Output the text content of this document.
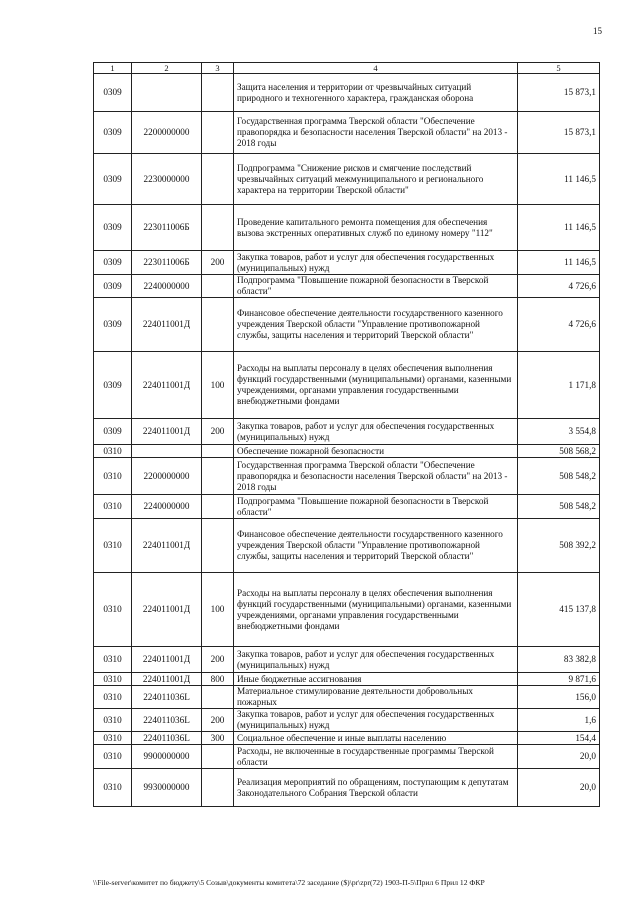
15
1	2	3	4	5
0309			Защита населения и территории от чрезвычайных ситуаций природного и техногенного характера, гражданская оборона	15 873,1
0309	2200000000		Государственная программа Тверской области "Обеспечение правопорядка и безопасности населения Тверской области" на 2013 - 2018 годы	15 873,1
0309	2230000000		Подпрограмма "Снижение рисков и смягчение последствий чрезвычайных ситуаций межмуниципального и регионального характера на территории Тверской области"	11 146,5
0309	223011006Б		Проведение капитального ремонта помещения для обеспечения вызова экстренных оперативных служб по единому номеру "112"	11 146,5
0309	223011006Б	200	Закупка товаров, работ и услуг для обеспечения государственных (муниципальных) нужд	11 146,5
0309	2240000000		Подпрограмма "Повышение пожарной безопасности в Тверской области"	4 726,6
0309	224011001Д		Финансовое обеспечение деятельности государственного казенного учреждения Тверской области "Управление противопожарной службы, защиты населения и территорий Тверской области"	4 726,6
0309	224011001Д	100	Расходы на выплаты персоналу в целях обеспечения выполнения функций государственными (муниципальными) органами, казенными учреждениями, органами управления государственными внебюджетными фондами	1 171,8
0309	224011001Д	200	Закупка товаров, работ и услуг для обеспечения государственных (муниципальных) нужд	3 554,8
0310			Обеспечение пожарной безопасности	508 568,2
0310	2200000000		Государственная программа Тверской области "Обеспечение правопорядка и безопасности населения Тверской области" на 2013 - 2018 годы	508 548,2
0310	2240000000		Подпрограмма "Повышение пожарной безопасности в Тверской области"	508 548,2
0310	224011001Д		Финансовое обеспечение деятельности государственного казенного учреждения Тверской области "Управление противопожарной службы, защиты населения и территорий Тверской области"	508 392,2
0310	224011001Д	100	Расходы на выплаты персоналу в целях обеспечения выполнения функций государственными (муниципальными) органами, казенными учреждениями, органами управления государственными внебюджетными фондами	415 137,8
0310	224011001Д	200	Закупка товаров, работ и услуг для обеспечения государственных (муниципальных) нужд	83 382,8
0310	224011001Д	800	Иные бюджетные ассигнования	9 871,6
0310	224011036L		Материальное стимулирование деятельности добровольных пожарных	156,0
0310	224011036L	200	Закупка товаров, работ и услуг для обеспечения государственных (муниципальных) нужд	1,6
0310	224011036L	300	Социальное обеспечение и иные выплаты населению	154,4
0310	9900000000		Расходы, не включенные в государственные программы Тверской области	20,0
0310	9930000000		Реализация мероприятий по обращениям, поступающим к депутатам Законодательного Собрания Тверской области	20,0
\\File-server\комитет по бюджету\5 Созыв\документы комитета\72 заседание ($)\pr\zpr(72) 1903-П-5\Прил 6 Прил 12 ФКР
